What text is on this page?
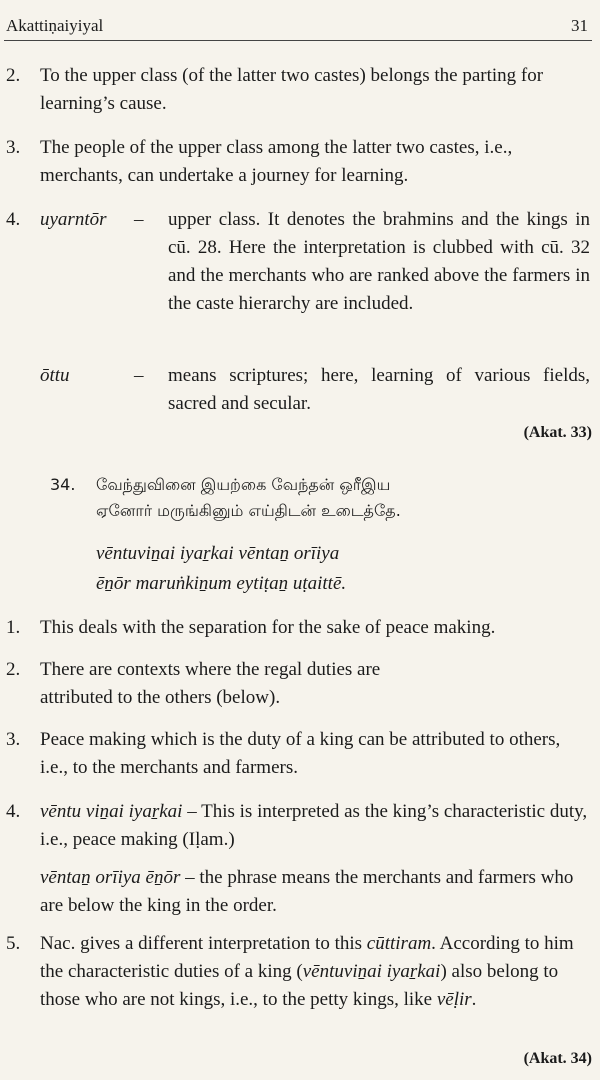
Akattiṇaiyiyal	31
2.	To the upper class (of the latter two castes) belongs the parting for learning’s cause.
3.	The people of the upper class among the latter two castes, i.e., merchants, can undertake a journey for learning.
4.	uyarntōr – upper class. It denotes the brahmins and the kings in cū. 28. Here the interpretation is clubbed with cū. 32 and the merchants who are ranked above the farmers in the caste hierarchy are included.
ōttu	– means scriptures; here, learning of various fields, sacred and secular.
(Akat. 33)
34. வேந்துவினை இயற்கை வேந்தன் ஒரீஇய
ஏனோர் மருங்கினும் எய்திடன் உடைத்தே.
vēntuviṉai iyaṟkai vēntaṉ orīiya
ēṉōr maruṅkiṉum eytiṭaṉ uṭaittē.
1.	This deals with the separation for the sake of peace making.
2.	There are contexts where the regal duties are attributed to the others (below).
3.	Peace making which is the duty of a king can be attributed to others, i.e., to the merchants and farmers.
4.	vēntu viṉai iyaṟkai – This is interpreted as the king’s characteristic duty, i.e., peace making (Iḷam.)
vēntaṉ orīiya ēṉōr – the phrase means the merchants and farmers who are below the king in the order.
5.	Nac. gives a different interpretation to this cūttiram. According to him the characteristic duties of a king (vēntuviṉai iyaṟkai) also belong to those who are not kings, i.e., to the petty kings, like vēḷir.
(Akat. 34)
